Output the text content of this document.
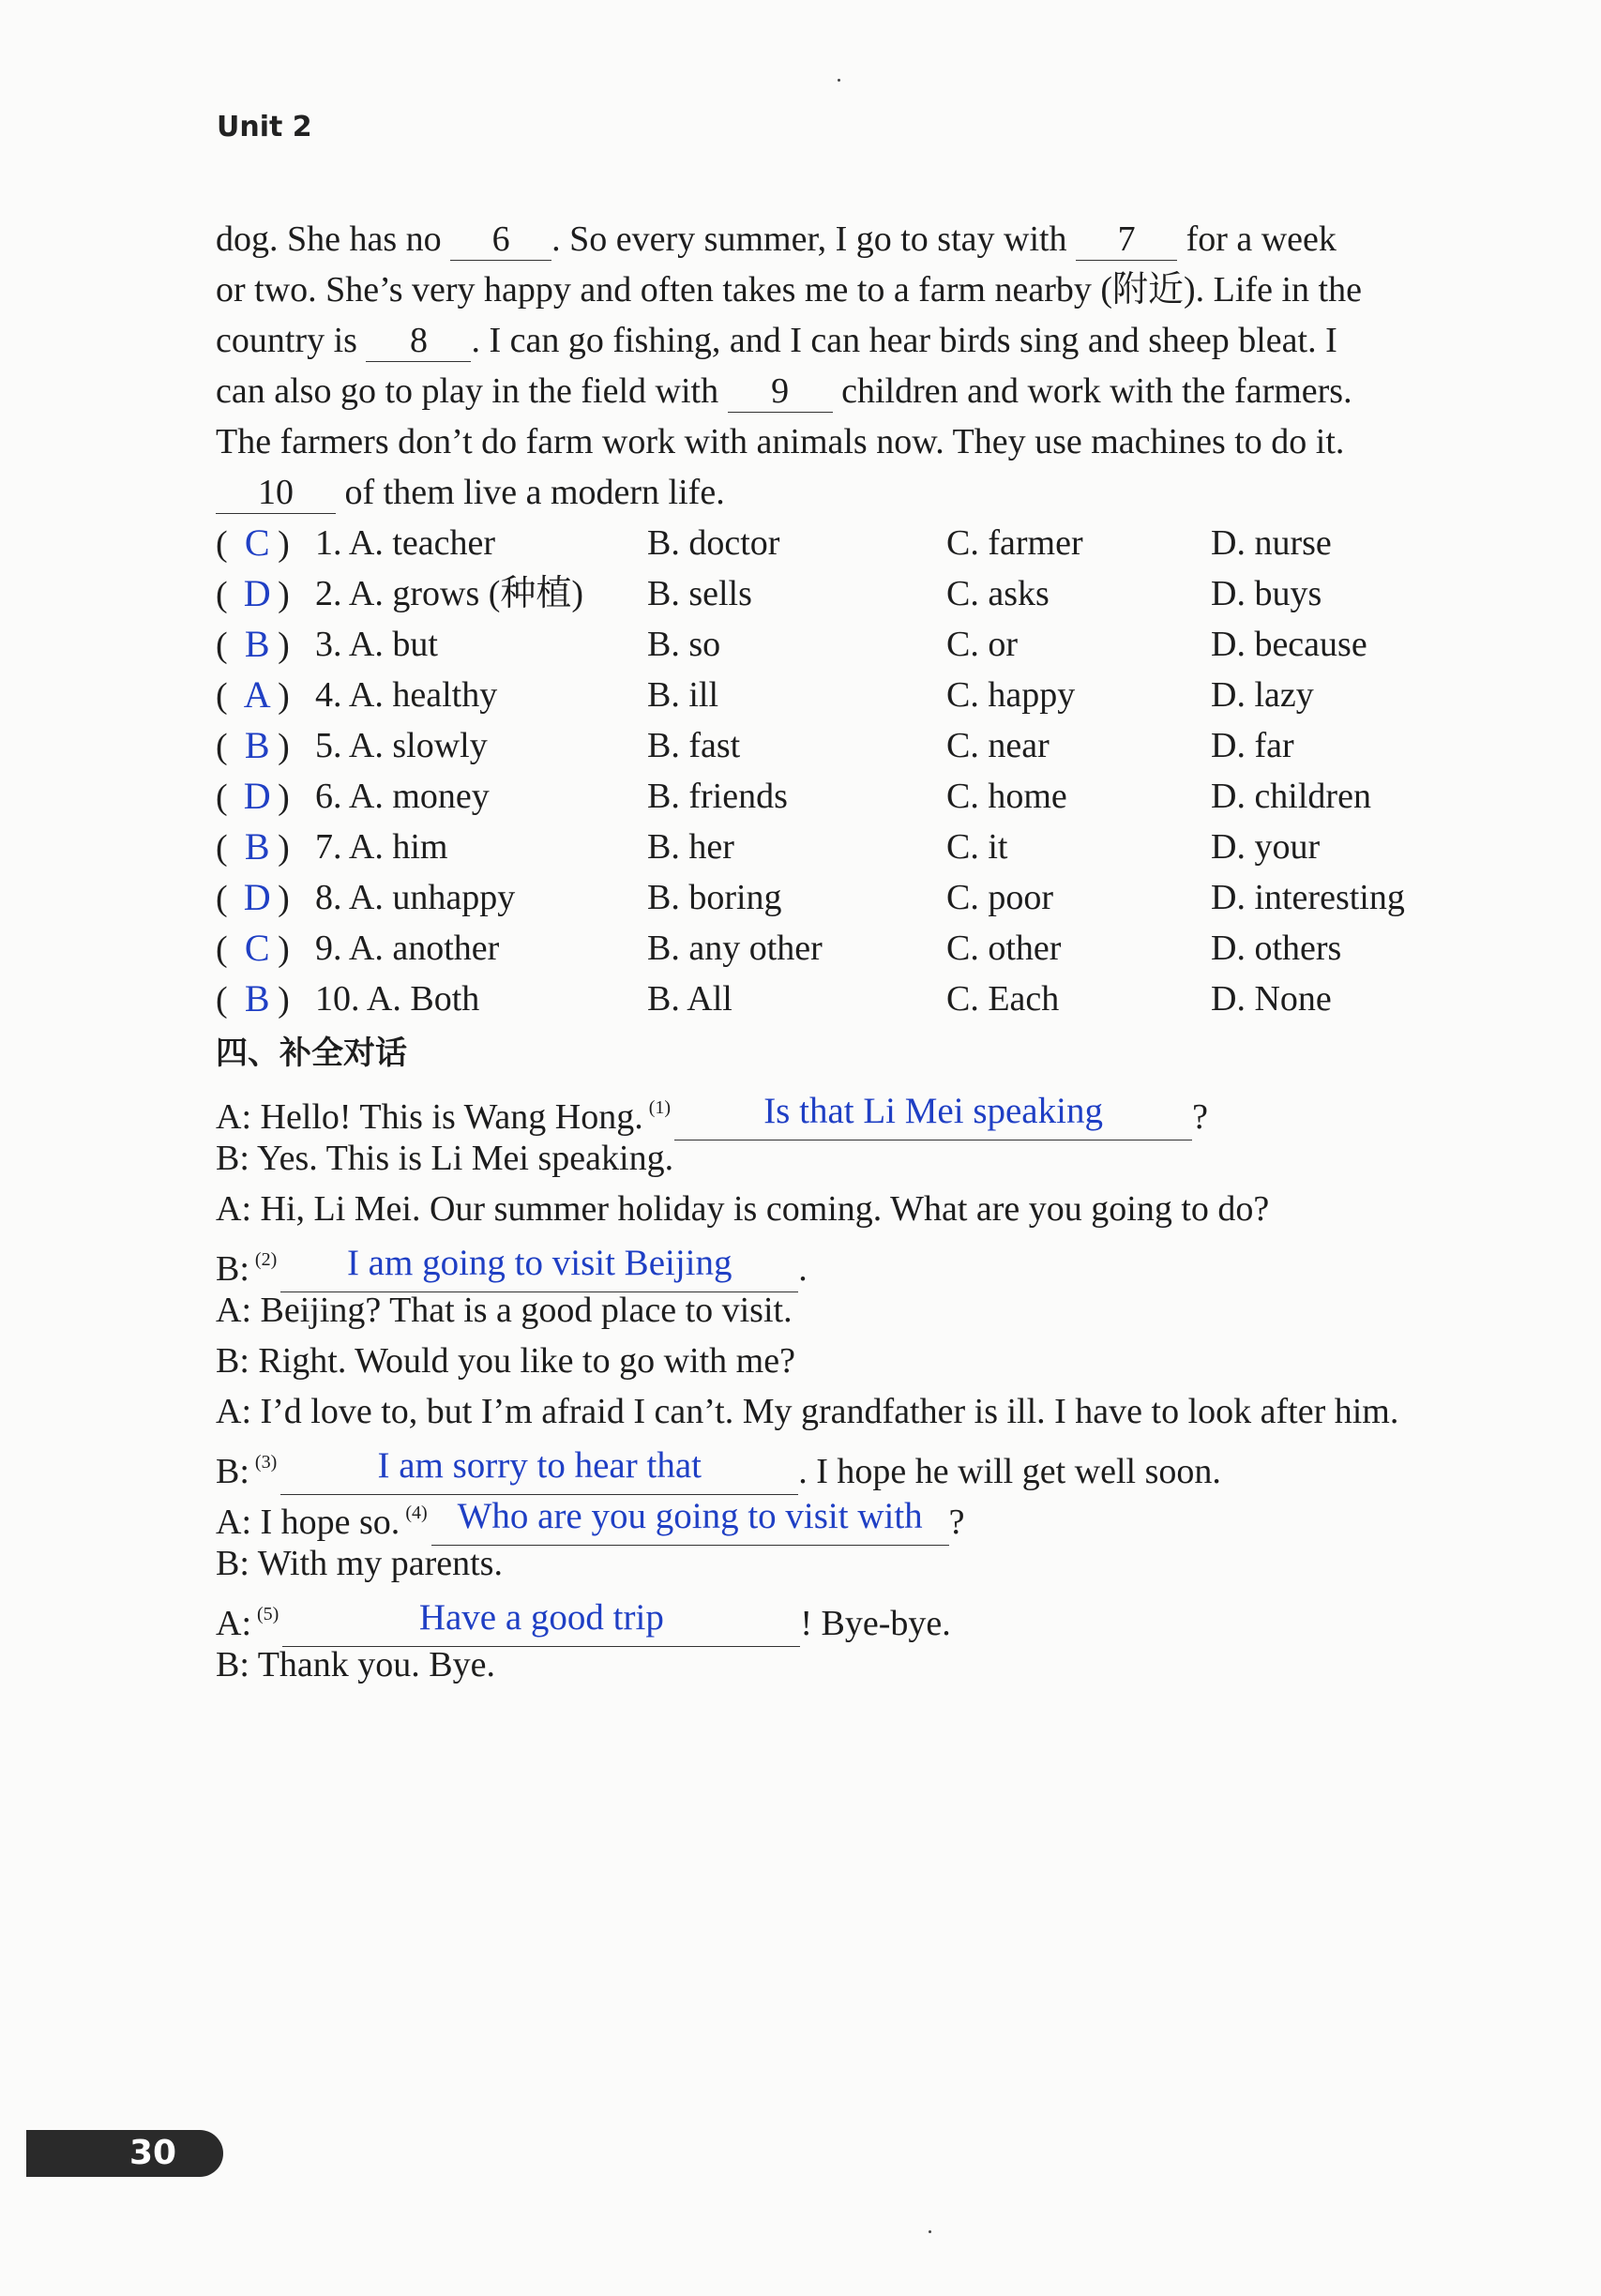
Unit 2
dog. She has no 6 . So every summer, I go to stay with 7 for a week
or two. She’s very happy and often takes me to a farm nearby (附近). Life in the
country is 8 . I can go fishing, and I can hear birds sing and sheep bleat. I
can also go to play in the field with 9 children and work with the farmers.
The farmers don’t do farm work with animals now. They use machines to do it.
10 of them live a modern life.
( C ) 1. A. teacher	B. doctor	C. farmer	D. nurse
( D ) 2. A. grows (种植)	B. sells	C. asks	D. buys
( B ) 3. A. but	B. so	C. or	D. because
( A ) 4. A. healthy	B. ill	C. happy	D. lazy
( B ) 5. A. slowly	B. fast	C. near	D. far
( D ) 6. A. money	B. friends	C. home	D. children
( B ) 7. A. him	B. her	C. it	D. your
( D ) 8. A. unhappy	B. boring	C. poor	D. interesting
( C ) 9. A. another	B. any other	C. other	D. others
( B ) 10. A. Both	B. All	C. Each	D. None
四、补全对话
A: Hello! This is Wang Hong. $^{(1)}$	Is that Li Mei speaking	?
B: Yes. This is Li Mei speaking.
A: Hi, Li Mei. Our summer holiday is coming. What are you going to do?
B: $^{(2)}$ I am going to visit Beijing .
A: Beijing? That is a good place to visit.
B: Right. Would you like to go with me?
A: I’d love to, but I’m afraid I can’t. My grandfather is ill. I have to look after him.
B: $^{(3)}$	I am sorry to hear that	. I hope he will get well soon.
A: I hope so. $^{(4)}$ Who are you going to visit with ?
B: With my parents.
A: $^{(5)}$	Have a good trip	! Bye-bye.
B: Thank you. Bye.
30
